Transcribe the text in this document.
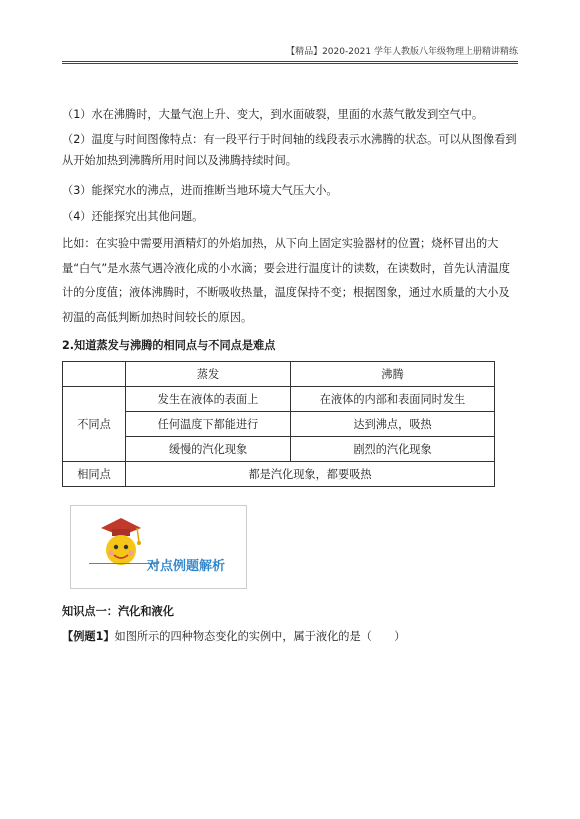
【精品】2020-2021 学年人教版八年级物理上册精讲精练
（1）水在沸腾时，大量气泡上升、变大，到水面破裂，里面的水蒸气散发到空气中。
（2）温度与时间图像特点：有一段平行于时间轴的线段表示水沸腾的状态。可以从图像看到从开始加热到沸腾所用时间以及沸腾持续时间。
（3）能探究水的沸点，进而推断当地环境大气压大小。
（4）还能探究出其他问题。
比如：在实验中需要用酒精灯的外焰加热，从下向上固定实验器材的位置；烧杯冒出的大量“白气”是水蒸气遇冷液化成的小水滴；要会进行温度计的读数，在读数时，首先认清温度计的分度值；液体沸腾时，不断吸收热量，温度保持不变；根据图象，通过水质量的大小及初温的高低判断加热时间较长的原因。
2.知道蒸发与沸腾的相同点与不同点是难点
	蒸发	沸腾
不同点	发生在液体的表面上	在液体的内部和表面同时发生
	任何温度下都能进行	达到沸点，吸热
	缓慢的汽化现象	剧烈的汽化现象
相同点	都是汽化现象，都要吸热	
对点例题解析
知识点一：汽化和液化
【例题1】如图所示的四种物态变化的实例中，属于液化的是（　　）
